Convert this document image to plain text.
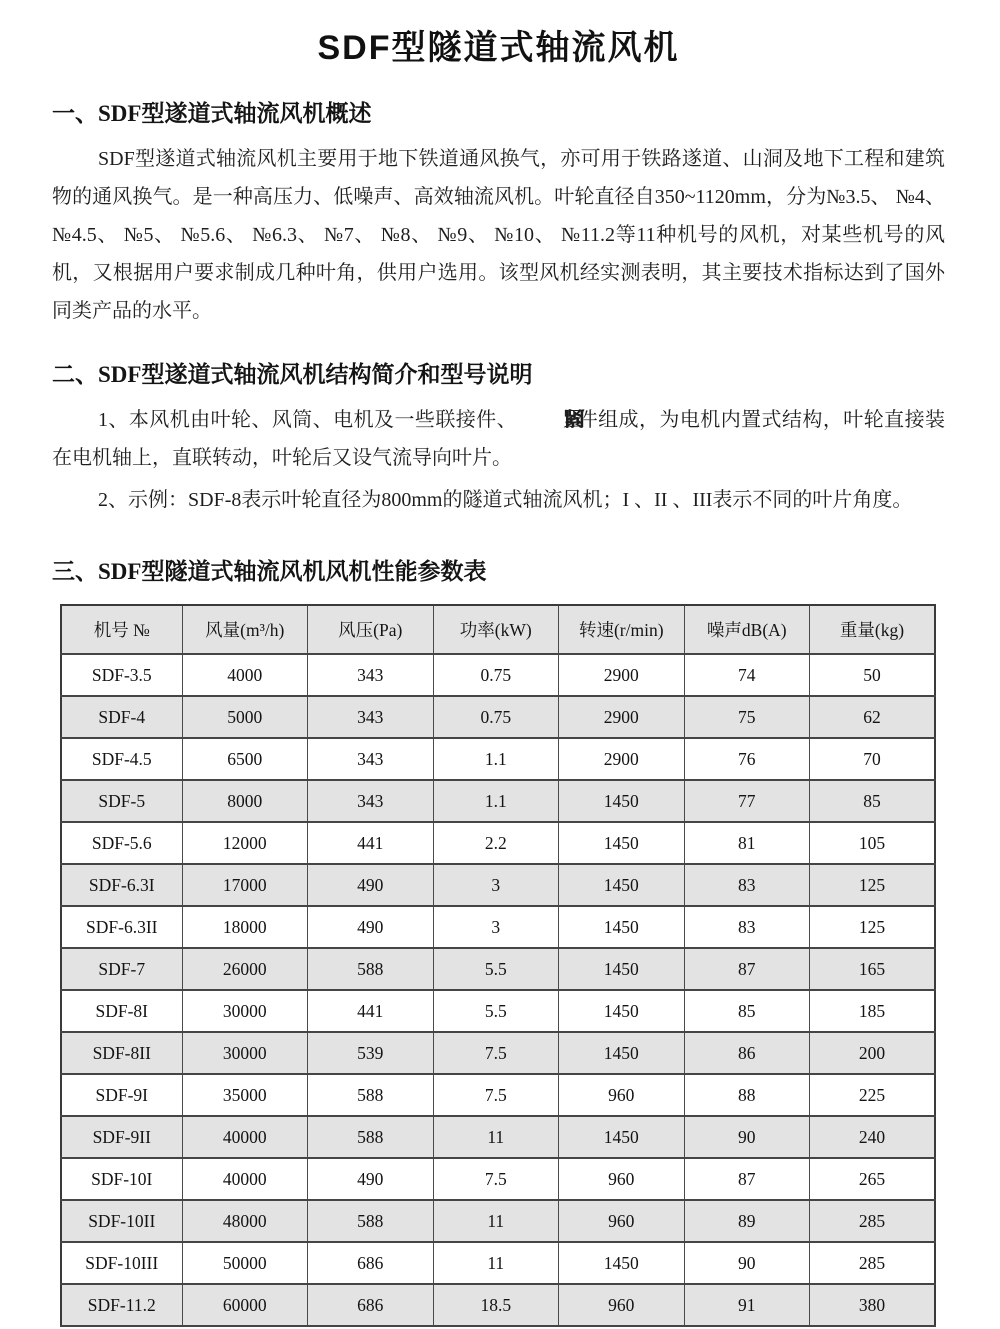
SDF型隧道式轴流风机
一、SDF型遂道式轴流风机概述

SDF型遂道式轴流风机主要用于地下铁道通风换气，亦可用于铁路遂道、山洞及地下工程和建筑物的通风换气。是一种高压力、低噪声、高效轴流风机。叶轮直径自350~1120mm，分为№3.5、 №4、 №4.5、 №5、 №5.6、 №6.3、 №7、 №8、 №9、 №10、 №11.2等11种机号的风机，对某些机号的风机，又根据用户要求制成几种叶角，供用户选用。该型风机经实测表明，其主要技术指标达到了国外同类产品的水平。

二、SDF型遂道式轴流风机结构简介和型号说明

1、本风机由叶轮、风筒、电机及一些联接件、 紧固 件组成，为电机内置式结构，叶轮直接装在电机轴上，直联转动，叶轮后又设气流导向叶片。

2、示例：SDF-8表示叶轮直径为800mm的隧道式轴流风机；I 、II 、III表示不同的叶片角度。

三、SDF型隧道式轴流风机风机性能参数表
机号 №	风量(m³/h)	风压(Pa)	功率(kW)	转速(r/min)	噪声dB(A)	重量(kg)
SDF-3.5	4000	343	0.75	2900	74	50
SDF-4	5000	343	0.75	2900	75	62
SDF-4.5	6500	343	1.1	2900	76	70
SDF-5	8000	343	1.1	1450	77	85
SDF-5.6	12000	441	2.2	1450	81	105
SDF-6.3I	17000	490	3	1450	83	125
SDF-6.3II	18000	490	3	1450	83	125
SDF-7	26000	588	5.5	1450	87	165
SDF-8I	30000	441	5.5	1450	85	185
SDF-8II	30000	539	7.5	1450	86	200
SDF-9I	35000	588	7.5	960	88	225
SDF-9II	40000	588	11	1450	90	240
SDF-10I	40000	490	7.5	960	87	265
SDF-10II	48000	588	11	960	89	285
SDF-10III	50000	686	11	1450	90	285
SDF-11.2	60000	686	18.5	960	91	380
